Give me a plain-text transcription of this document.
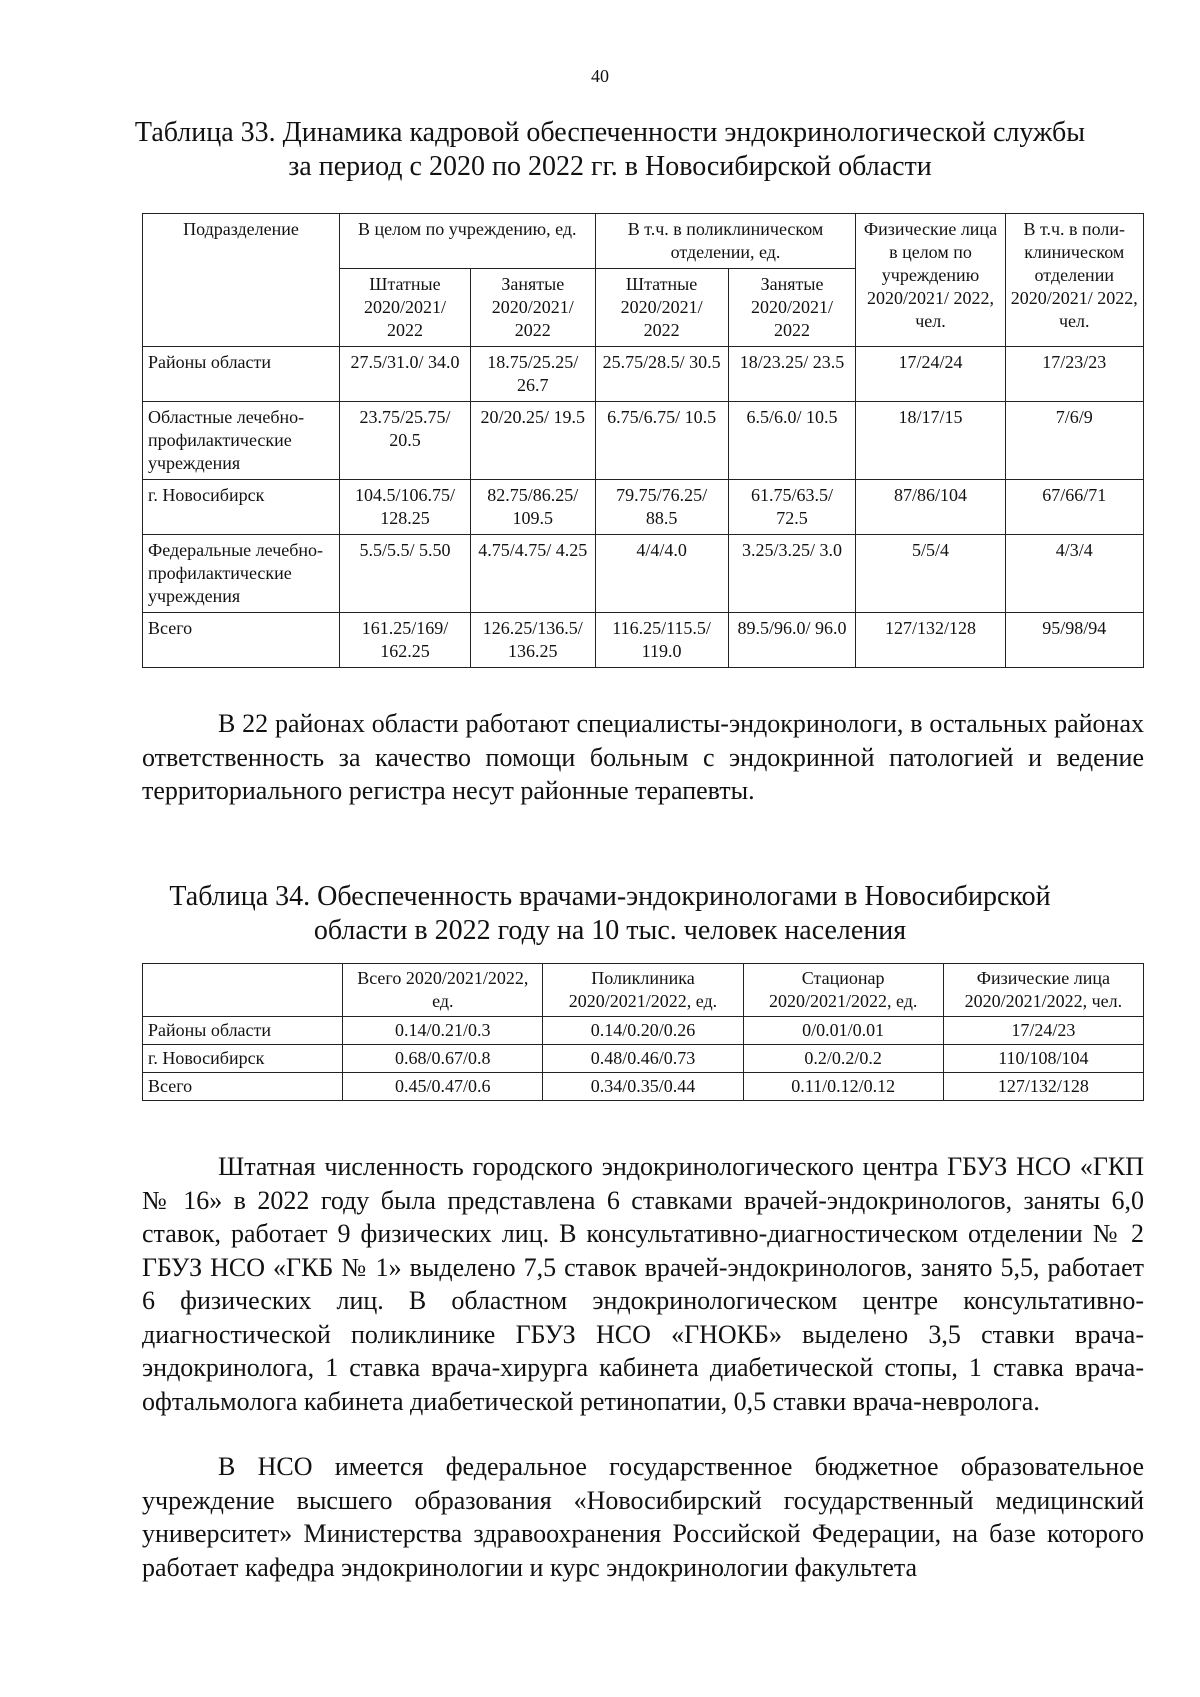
40
Таблица 33. Динамика кадровой обеспеченности эндокринологической службы за период с 2020 по 2022 гг. в Новосибирской области
Подразделение	В целом по учреждению, ед.		В т.ч. в поликлиническом отделении, ед.		Физические лица в целом по учреждению 2020/2021/ 2022, чел.	В т.ч. в поли-клиническом отделении 2020/2021/ 2022, чел.
	Штатные 2020/2021/ 2022	Занятые 2020/2021/ 2022	Штатные 2020/2021/ 2022	Занятые 2020/2021/ 2022		
Районы области	27.5/31.0/ 34.0	18.75/25.25/ 26.7	25.75/28.5/ 30.5	18/23.25/ 23.5	17/24/24	17/23/23
Областные лечебно-профилактические учреждения	23.75/25.75/ 20.5	20/20.25/ 19.5	6.75/6.75/ 10.5	6.5/6.0/ 10.5	18/17/15	7/6/9
г. Новосибирск	104.5/106.75/ 128.25	82.75/86.25/ 109.5	79.75/76.25/ 88.5	61.75/63.5/ 72.5	87/86/104	67/66/71
Федеральные лечебно-профилактические учреждения	5.5/5.5/ 5.50	4.75/4.75/ 4.25	4/4/4.0	3.25/3.25/ 3.0	5/5/4	4/3/4
Всего	161.25/169/ 162.25	126.25/136.5/ 136.25	116.25/115.5/ 119.0	89.5/96.0/ 96.0	127/132/128	95/98/94

В 22 районах области работают специалисты-эндокринологи, в остальных районах ответственность за качество помощи больным с эндокринной патологией и ведение территориального регистра несут районные терапевты.

Таблица 34. Обеспеченность врачами-эндокринологами в Новосибирской области в 2022 году на 10 тыс. человек населения
	Всего 2020/2021/2022, ед.	Поликлиника 2020/2021/2022, ед.	Стационар 2020/2021/2022, ед.	Физические лица 2020/2021/2022, чел.
Районы области	0.14/0.21/0.3	0.14/0.20/0.26	0/0.01/0.01	17/24/23
г. Новосибирск	0.68/0.67/0.8	0.48/0.46/0.73	0.2/0.2/0.2	110/108/104
Всего	0.45/0.47/0.6	0.34/0.35/0.44	0.11/0.12/0.12	127/132/128

Штатная численность городского эндокринологического центра ГБУЗ НСО «ГКП № 16» в 2022 году была представлена 6 ставками врачей-эндокринологов, заняты 6,0 ставок, работает 9 физических лиц. В консультативно-диагностическом отделении № 2 ГБУЗ НСО «ГКБ № 1» выделено 7,5 ставок врачей-эндокринологов, занято 5,5, работает 6 физических лиц. В областном эндокринологическом центре консультативно-диагностической поликлинике ГБУЗ НСО «ГНОКБ» выделено 3,5 ставки врача-эндокринолога, 1 ставка врача-хирурга кабинета диабетической стопы, 1 ставка врача-офтальмолога кабинета диабетической ретинопатии, 0,5 ставки врача-невролога.

В НСО имеется федеральное государственное бюджетное образовательное учреждение высшего образования «Новосибирский государственный медицинский университет» Министерства здравоохранения Российской Федерации, на базе которого работает кафедра эндокринологии и курс эндокринологии факультета
